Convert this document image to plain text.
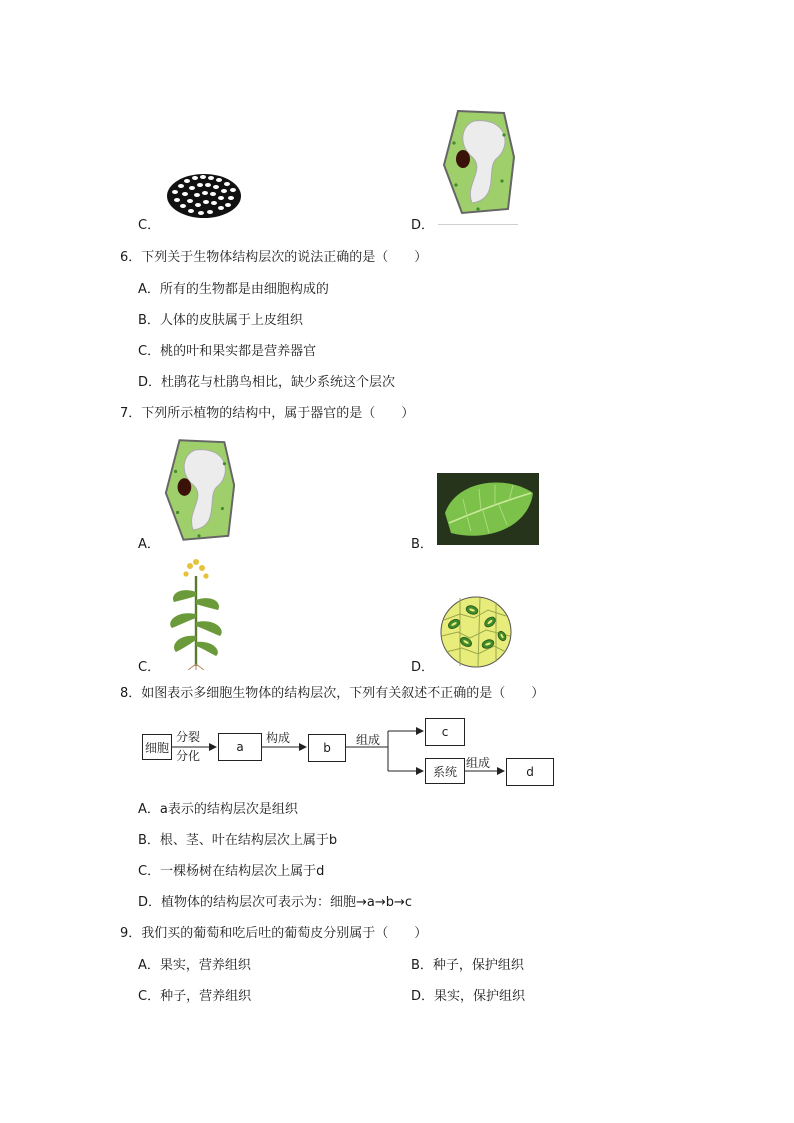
C．	D．
6．下列关于生物体结构层次的说法正确的是（　　）
A．所有的生物都是由细胞构成的
B．人体的皮肤属于上皮组织
C．桃的叶和果实都是营养器官
D．杜鹃花与杜鹃鸟相比，缺少系统这个层次
7．下列所示植物的结构中，属于器官的是（　　）
A．	B．
C．	D．
8．如图表示多细胞生物体的结构层次，下列有关叙述不正确的是（　　）
细胞
分裂
分化
a
构成
b
组成
c
系统
组成
d
A．a表示的结构层次是组织
B．根、茎、叶在结构层次上属于b
C．一棵杨树在结构层次上属于d
D．植物体的结构层次可表示为：细胞→a→b→c
9．我们买的葡萄和吃后吐的葡萄皮分别属于（　　）
A．果实，营养组织	B．种子，保护组织
C．种子，营养组织	D．果实，保护组织
